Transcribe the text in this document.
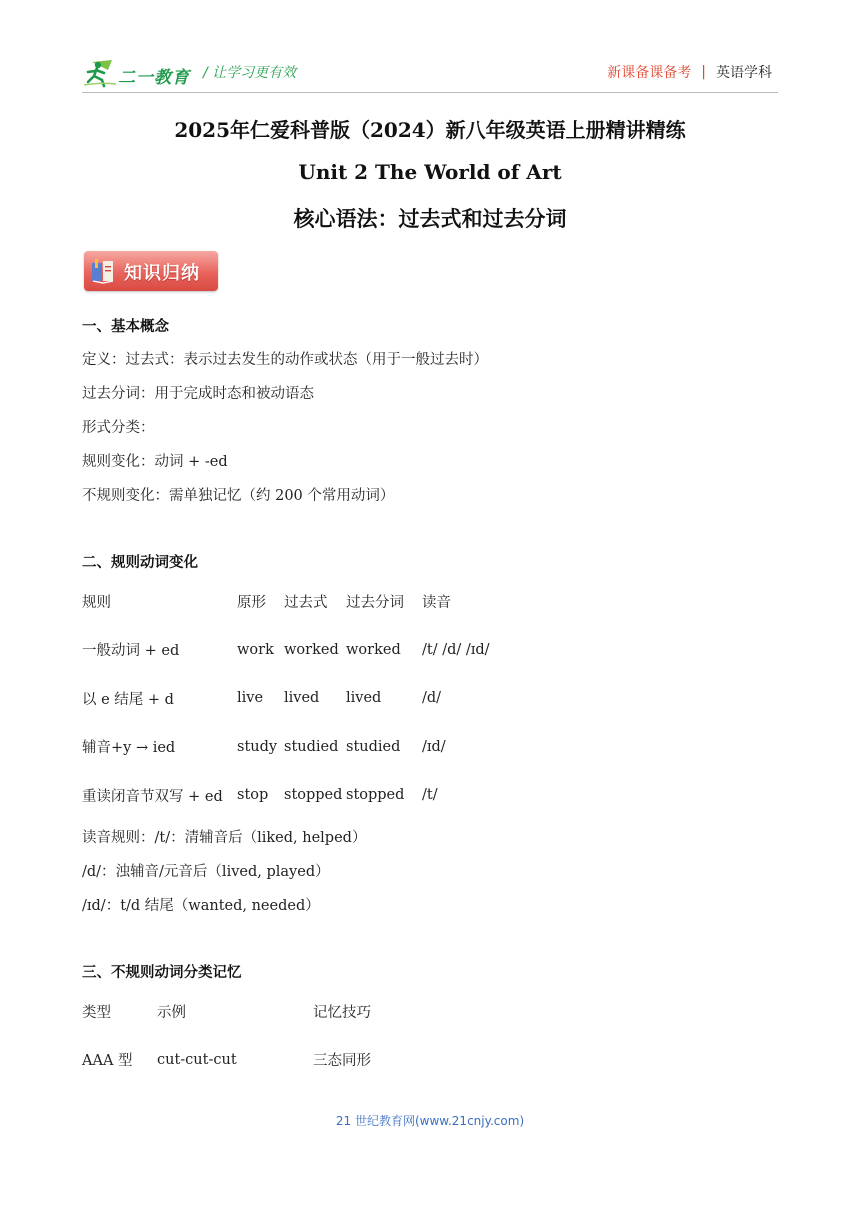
二一教育 / 让学习更有效	新课备课备考 | 英语学科
2025年仁爱科普版（2024）新八年级英语上册精讲精练
Unit 2 The World of Art
核心语法：过去式和过去分词
知识归纳
一、基本概念
定义：过去式：表示过去发生的动作或状态（用于一般过去时）
过去分词：用于完成时态和被动语态
形式分类：
规则变化：动词 + -ed
不规则变化：需单独记忆（约 200 个常用动词）
二、规则动词变化
规则	原形	过去式	过去分词	读音
一般动词 + ed	work	worked	worked	/t/ /d/ /ɪd/
以 e 结尾 + d	live	lived	lived	/d/
辅音+y → ied	study	studied	studied	/ɪd/
重读闭音节双写 + ed	stop	stopped	stopped	/t/
读音规则：/t/：清辅音后（liked, helped）
/d/：浊辅音/元音后（lived, played）
/ɪd/：t/d 结尾（wanted, needed）
三、不规则动词分类记忆
类型	示例	记忆技巧
AAA 型	cut-cut-cut	三态同形
21 世纪教育网(www.21cnjy.com)
